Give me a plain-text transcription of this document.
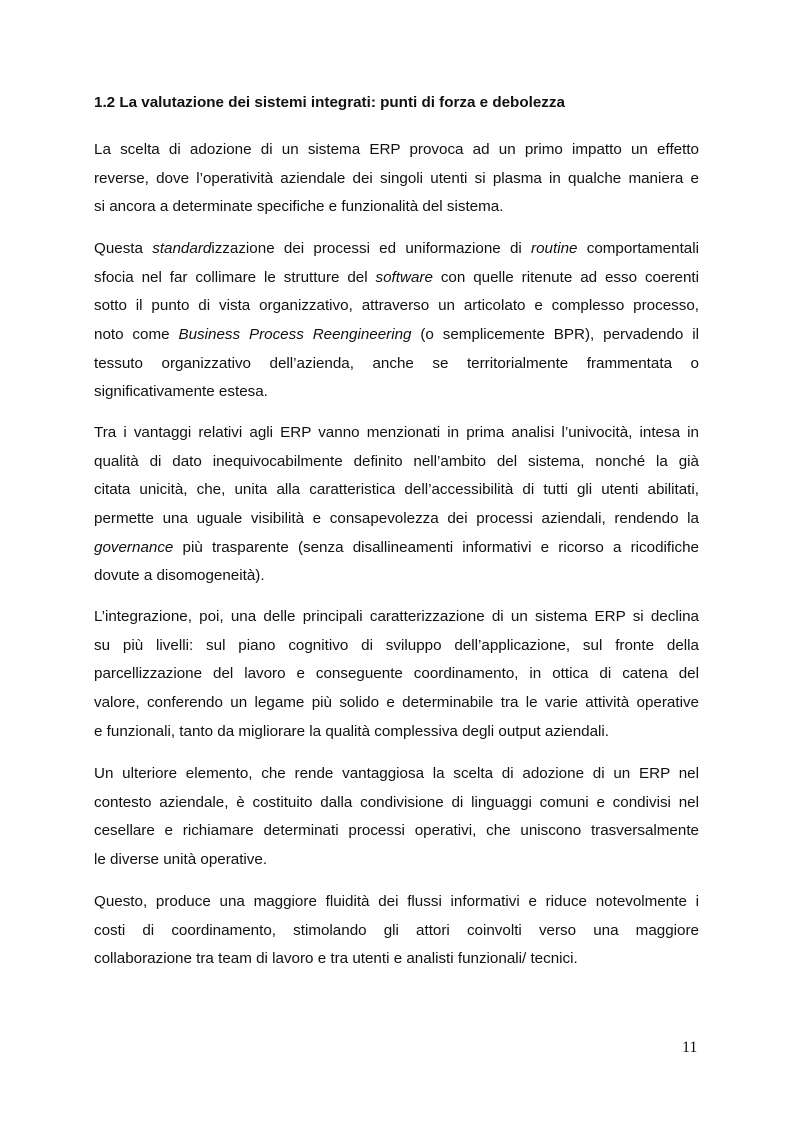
1.2 La valutazione dei sistemi integrati: punti di forza e debolezza

La scelta di adozione di un sistema ERP provoca ad un primo impatto un effetto
reverse, dove l’operatività aziendale dei singoli utenti si plasma in qualche maniera e
si ancora a determinate specifiche e funzionalità del sistema.

Questa standardizzazione dei processi ed uniformazione di routine comportamentali
sfocia nel far collimare le strutture del software con quelle ritenute ad esso coerenti
sotto il punto di vista organizzativo, attraverso un articolato e complesso processo,
noto come Business Process Reengineering (o semplicemente BPR), pervadendo il
tessuto organizzativo dell’azienda, anche se territorialmente frammentata o
significativamente estesa.

Tra i vantaggi relativi agli ERP vanno menzionati in prima analisi l’univocità, intesa in
qualità di dato inequivocabilmente definito nell’ambito del sistema, nonché la già
citata unicità, che, unita alla caratteristica dell’accessibilità di tutti gli utenti abilitati,
permette una uguale visibilità e consapevolezza dei processi aziendali, rendendo la
governance più trasparente (senza disallineamenti informativi e ricorso a ricodifiche
dovute a disomogeneità).

L’integrazione, poi, una delle principali caratterizzazione di un sistema ERP si declina
su più livelli: sul piano cognitivo di sviluppo dell’applicazione, sul fronte della
parcellizzazione del lavoro e conseguente coordinamento, in ottica di catena del
valore, conferendo un legame più solido e determinabile tra le varie attività operative
e funzionali, tanto da migliorare la qualità complessiva degli output aziendali.

Un ulteriore elemento, che rende vantaggiosa la scelta di adozione di un ERP nel
contesto aziendale, è costituito dalla condivisione di linguaggi comuni e condivisi nel
cesellare e richiamare determinati processi operativi, che uniscono trasversalmente
le diverse unità operative.

Questo, produce una maggiore fluidità dei flussi informativi e riduce notevolmente i
costi di coordinamento, stimolando gli attori coinvolti verso una maggiore
collaborazione tra team di lavoro e tra utenti e analisti funzionali/ tecnici.

11
